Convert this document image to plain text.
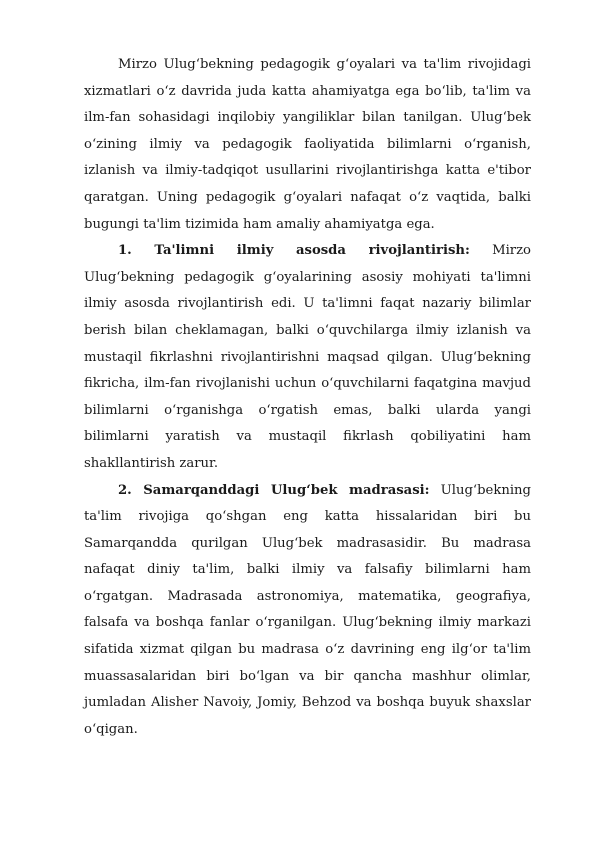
Mirzo Ulugʻbekning pedagogik gʻoyalari va ta'lim rivojidagi xizmatlari oʻz davrida juda katta ahamiyatga ega boʻlib, ta'lim va ilm-fan sohasidagi inqilobiy yangiliklar bilan tanilgan. Ulugʻbek oʻzining ilmiy va pedagogik faoliyatida bilimlarni oʻrganish, izlanish va ilmiy-tadqiqot usullarini rivojlantirishga katta e'tibor qaratgan. Uning pedagogik gʻoyalari nafaqat oʻz vaqtida, balki bugungi ta'lim tizimida ham amaliy ahamiyatga ega.

1. Ta'limni ilmiy asosda rivojlantirish: Mirzo Ulugʻbekning pedagogik gʻoyalarining asosiy mohiyati ta'limni ilmiy asosda rivojlantirish edi. U ta'limni faqat nazariy bilimlar berish bilan cheklamagan, balki oʻquvchilarga ilmiy izlanish va mustaqil fikrlashni rivojlantirishni maqsad qilgan. Ulugʻbekning fikricha, ilm-fan rivojlanishi uchun oʻquvchilarni faqatgina mavjud bilimlarni oʻrganishga oʻrgatish emas, balki ularda yangi bilimlarni yaratish va mustaqil fikrlash qobiliyatini ham shakllantirish zarur.

2. Samarqanddagi Ulugʻbek madrasasi: Ulugʻbekning ta'lim rivojiga qoʻshgan eng katta hissalaridan biri bu Samarqandda qurilgan Ulugʻbek madrasasidir. Bu madrasa nafaqat diniy ta'lim, balki ilmiy va falsafiy bilimlarni ham oʻrgatgan. Madrasada astronomiya, matematika, geografiya, falsafa va boshqa fanlar oʻrganilgan. Ulugʻbekning ilmiy markazi sifatida xizmat qilgan bu madrasa oʻz davrining eng ilgʻor ta'lim muassasalaridan biri boʻlgan va bir qancha mashhur olimlar, jumladan Alisher Navoiy, Jomiy, Behzod va boshqa buyuk shaxslar oʻqigan.
